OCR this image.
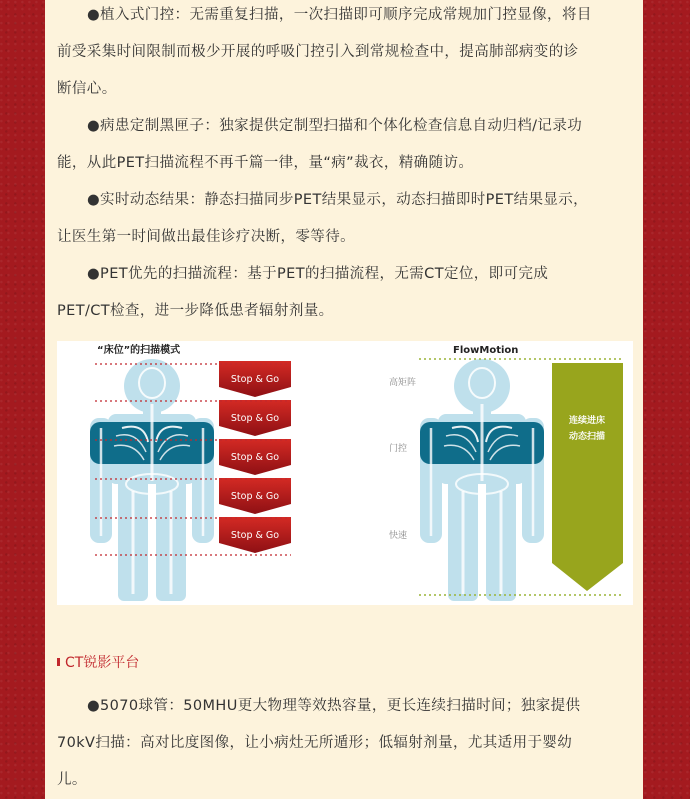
●植入式门控：无需重复扫描，一次扫描即可顺序完成常规加门控显像，将目
前受采集时间限制而极少开展的呼吸门控引入到常规检查中，提高肺部病变的诊
断信心。
●病患定制黑匣子：独家提供定制型扫描和个体化检查信息自动归档/记录功
能，从此PET扫描流程不再千篇一律，量“病”裁衣，精确随访。
●实时动态结果：静态扫描同步PET结果显示，动态扫描即时PET结果显示，
让医生第一时间做出最佳诊疗决断，零等待。
●PET优先的扫描流程：基于PET的扫描流程，无需CT定位，即可完成
PET/CT检查，进一步降低患者辐射剂量。
“床位”的扫描模式
Stop & Go
Stop & Go
Stop & Go
Stop & Go
Stop & Go
FlowMotion
高矩阵
门控
快速
连续进床
动态扫描
CT锐影平台
●5070球管：50MHU更大物理等效热容量，更长连续扫描时间；独家提供
70kV扫描：高对比度图像，让小病灶无所遁形；低辐射剂量，尤其适用于婴幼
儿。
